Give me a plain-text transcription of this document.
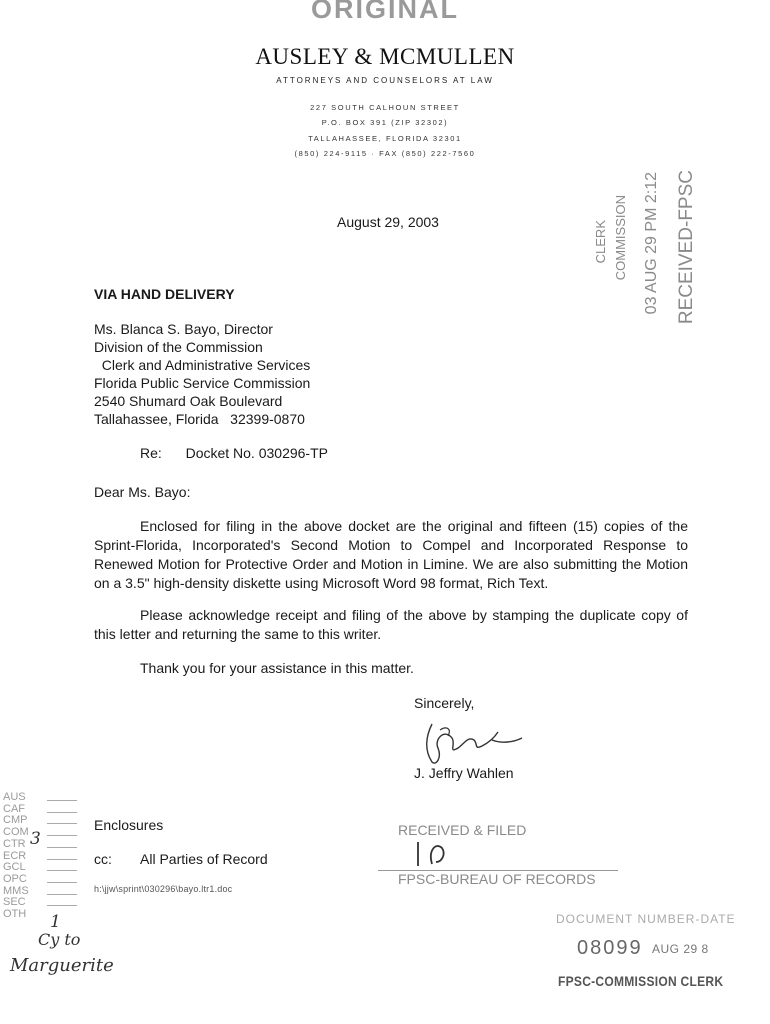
ORIGINAL
AUSLEY & MCMULLEN
ATTORNEYS AND COUNSELORS AT LAW
227 SOUTH CALHOUN STREET
P.O. BOX 391 (ZIP 32302)
TALLAHASSEE, FLORIDA 32301
(850) 224-9115 · FAX (850) 222-7560
August 29, 2003	RECEIVED-FPSC
03 AUG 29 PM 2:12
COMMISSION
CLERK
VIA HAND DELIVERY
Ms. Blanca S. Bayo, Director
Division of the Commission
Clerk and Administrative Services
Florida Public Service Commission
2540 Shumard Oak Boulevard
Tallahassee, Florida   32399-0870
Re: Docket No. 030296-TP
Dear Ms. Bayo:
Enclosed for filing in the above docket are the original and fifteen (15) copies of the Sprint-Florida, Incorporated's Second Motion to Compel and Incorporated Response to Renewed Motion for Protective Order and Motion in Limine. We are also submitting the Motion on a 3.5" high-density diskette using Microsoft Word 98 format, Rich Text.
Please acknowledge receipt and filing of the above by stamping the duplicate copy of this letter and returning the same to this writer.
Thank you for your assistance in this matter.
Sincerely,
J. Jeffry Wahlen
AUS
CAF
CMP
COM
CTR
ECR
GCL
OPC
MMS
SEC
OTH
3
1
Cy to
Marguerite
Enclosures
cc: All Parties of Record
h:\jjw\sprint\030296\bayo.ltr1.doc
RECEIVED & FILED
FPSC-BUREAU OF RECORDS
DOCUMENT NUMBER-DATE
08099 AUG 29 8
FPSC-COMMISSION CLERK
